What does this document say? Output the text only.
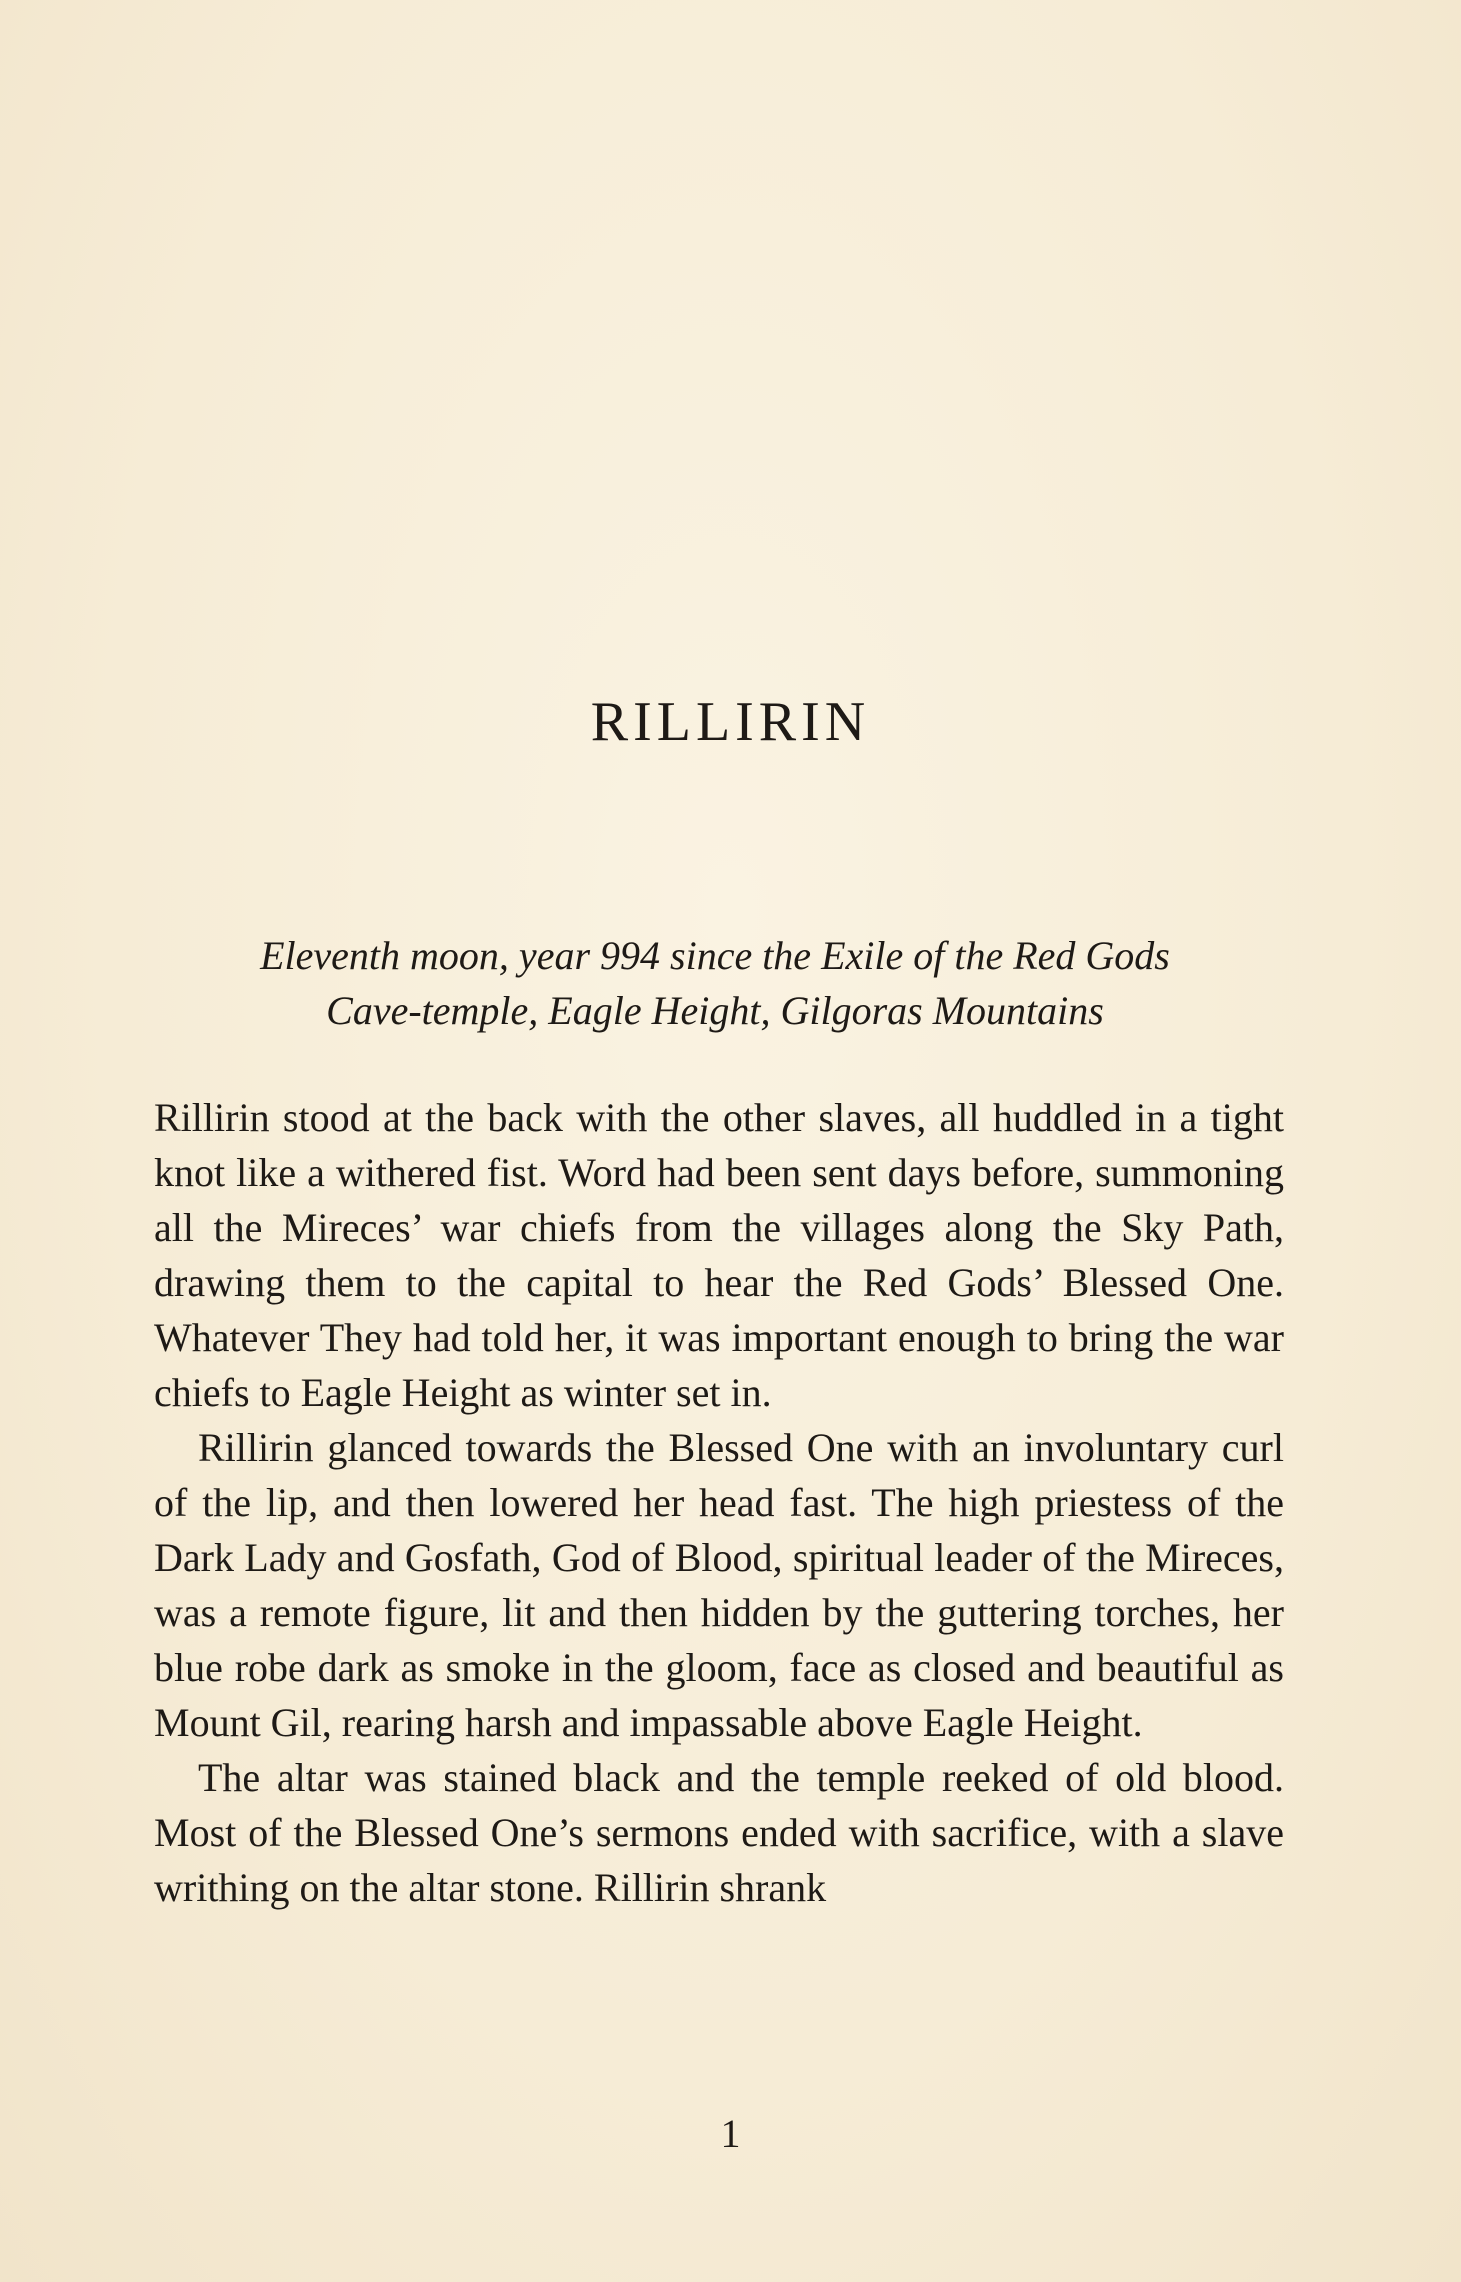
RILLIRIN
Eleventh moon, year 994 since the Exile of the Red Gods
Cave-temple, Eagle Height, Gilgoras Mountains

Rillirin stood at the back with the other slaves, all huddled in a tight knot like a withered fist. Word had been sent days before, summoning all the Mireces’ war chiefs from the villages along the Sky Path, drawing them to the capital to hear the Red Gods’ Blessed One. Whatever They had told her, it was important enough to bring the war chiefs to Eagle Height as winter set in.

Rillirin glanced towards the Blessed One with an involuntary curl of the lip, and then lowered her head fast. The high priestess of the Dark Lady and Gosfath, God of Blood, spiritual leader of the Mireces, was a remote figure, lit and then hidden by the guttering torches, her blue robe dark as smoke in the gloom, face as closed and beautiful as Mount Gil, rearing harsh and impassable above Eagle Height.

The altar was stained black and the temple reeked of old blood. Most of the Blessed One’s sermons ended with sacrifice, with a slave writhing on the altar stone. Rillirin shrank

1
